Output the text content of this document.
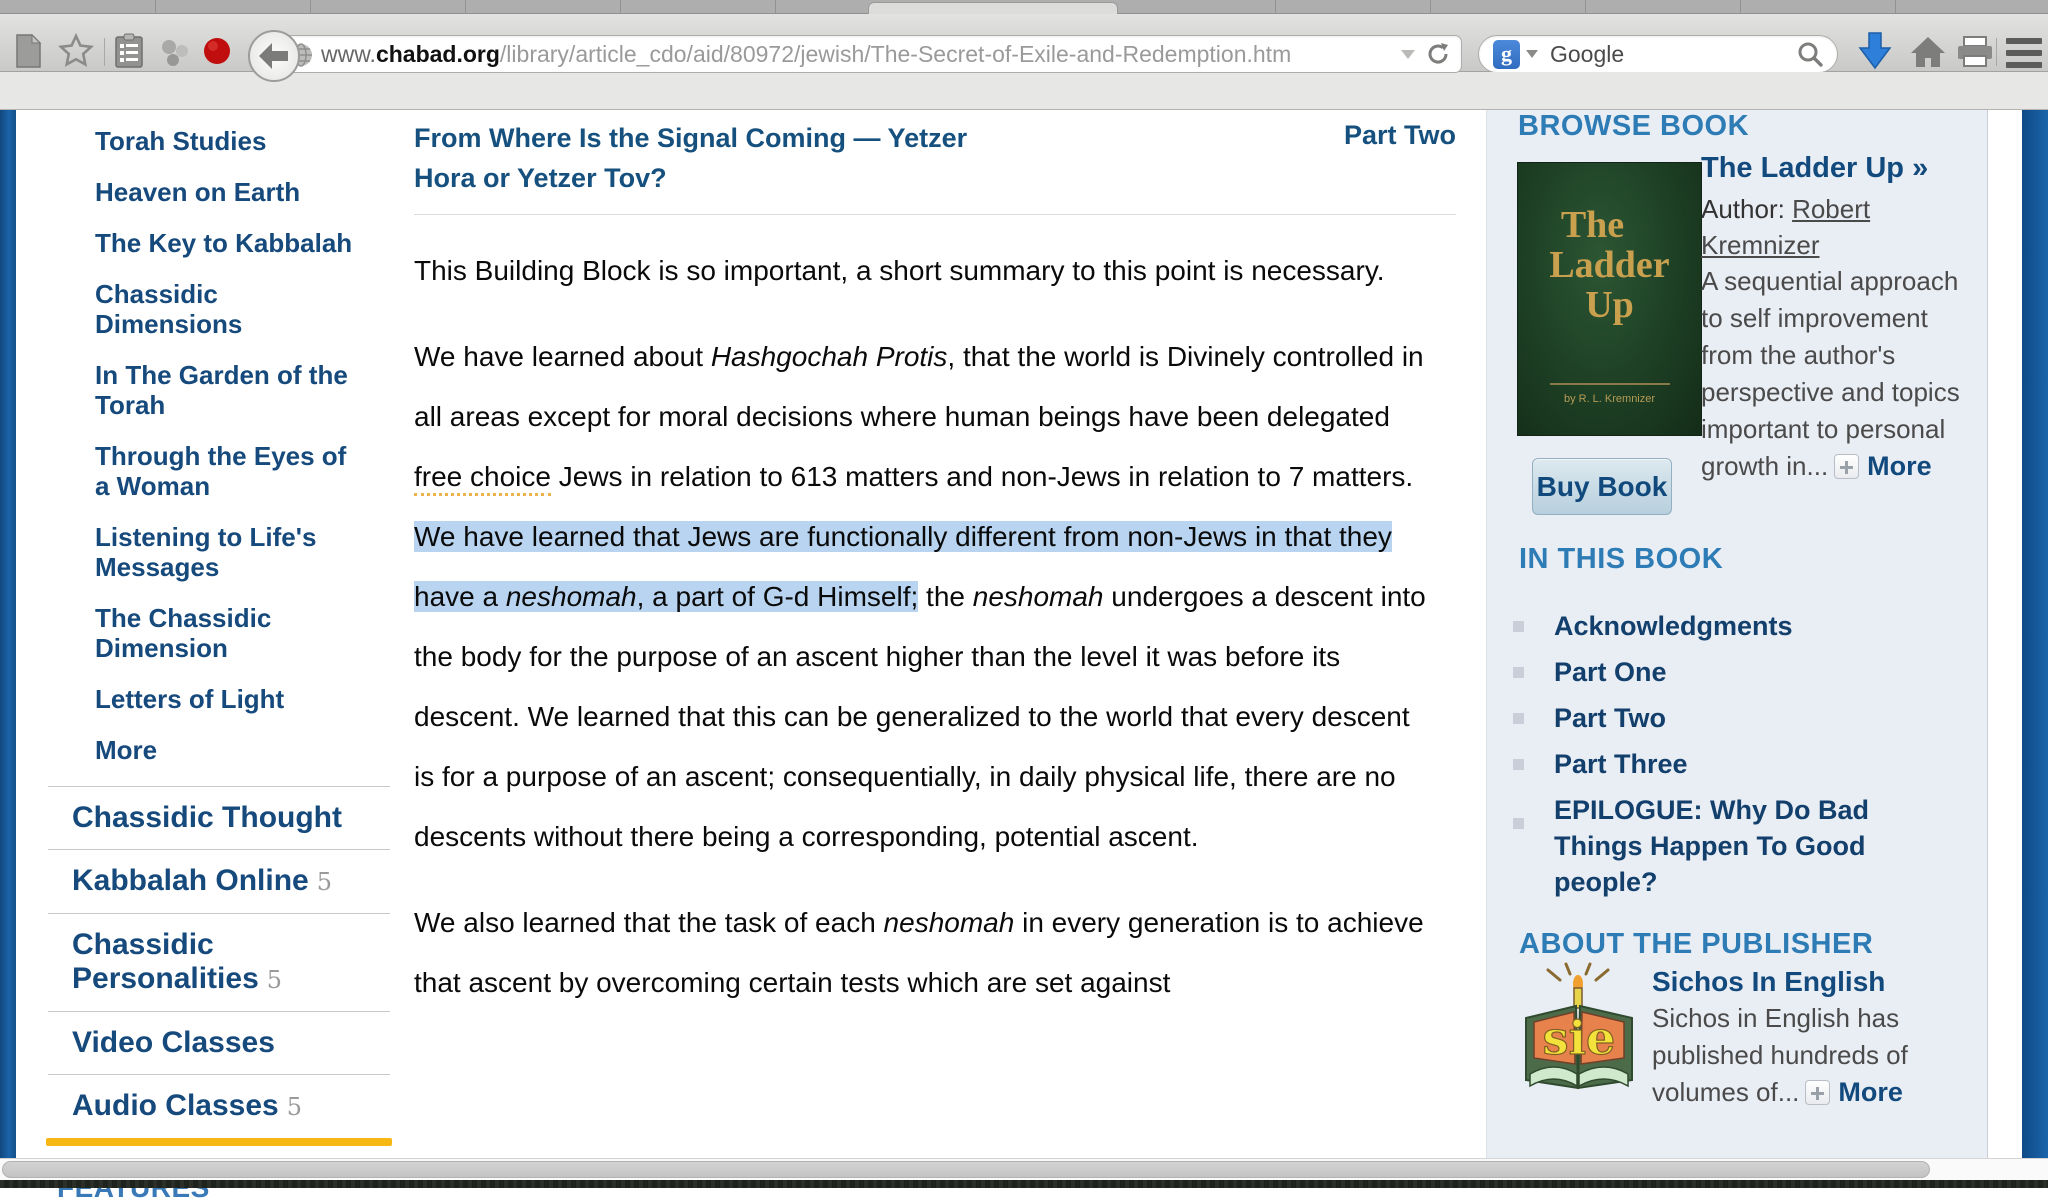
www.chabad.org/library/article_cdo/aid/80972/jewish/The-Secret-of-Exile-and-Redemption.htm	g	Google
Torah Studies
Heaven on Earth
The Key to Kabbalah
Chassidic Dimensions
In The Garden of the Torah
Through the Eyes of a Woman
Listening to Life's Messages
The Chassidic Dimension
Letters of Light
More
Chassidic Thought
Kabbalah Online 5
Chassidic Personalities 5
Video Classes
Audio Classes 5
From Where Is the Signal Coming — Yetzer Hora or Yetzer Tov?
Part Two

This Building Block is so important, a short summary to this point is necessary.

We have learned about Hashgochah Protis, that the world is Divinely controlled in all areas except for moral decisions where human beings have been delegated free choice Jews in relation to 613 matters and non-Jews in relation to 7 matters. We have learned that Jews are functionally different from non-Jews in that they have a neshomah, a part of G-d Himself; the neshomah undergoes a descent into the body for the purpose of an ascent higher than the level it was before its descent. We learned that this can be generalized to the world that every descent is for a purpose of an ascent; consequentially, in daily physical life, there are no descents without there being a corresponding, potential ascent.

We also learned that the task of each neshomah in every generation is to achieve that ascent by overcoming certain tests which are set against

BROWSE BOOK
The
Ladder
Up
by R. L. Kremnizer
The Ladder Up »
Author: Robert Kremnizer
A sequential approach to self improvement from the author's perspective and topics important to personal growth in... More
Buy Book
IN THIS BOOK
Acknowledgments
Part One
Part Two
Part Three
EPILOGUE: Why Do Bad Things Happen To Good people?
ABOUT THE PUBLISHER
sie
Sichos In English
Sichos in English has published hundreds of volumes of... More
